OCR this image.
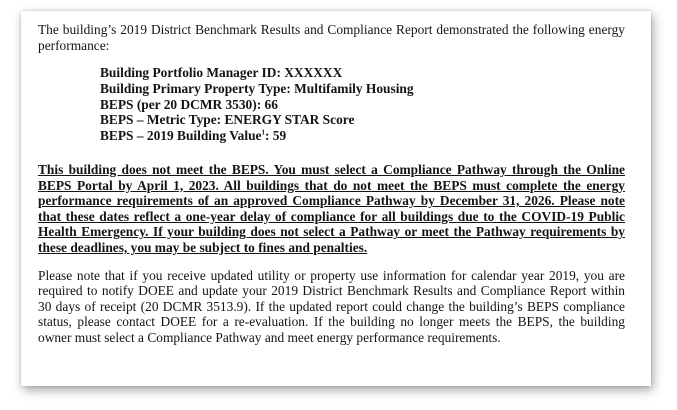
The building’s 2019 District Benchmark Results and Compliance Report demonstrated the following energy performance:

Building Portfolio Manager ID: XXXXXX
Building Primary Property Type: Multifamily Housing
BEPS (per 20 DCMR 3530): 66
BEPS – Metric Type: ENERGY STAR Score
BEPS – 2019 Building Value$^1$: 59

This building does not meet the BEPS. You must select a Compliance Pathway through the Online BEPS Portal by April 1, 2023. All buildings that do not meet the BEPS must complete the energy performance requirements of an approved Compliance Pathway by December 31, 2026. Please note that these dates reflect a one-year delay of compliance for all buildings due to the COVID-19 Public Health Emergency. If your building does not select a Pathway or meet the Pathway requirements by these deadlines, you may be subject to fines and penalties.

Please note that if you receive updated utility or property use information for calendar year 2019, you are required to notify DOEE and update your 2019 District Benchmark Results and Compliance Report within 30 days of receipt (20 DCMR 3513.9). If the updated report could change the building’s BEPS compliance status, please contact DOEE for a re-evaluation. If the building no longer meets the BEPS, the building owner must select a Compliance Pathway and meet energy performance requirements.
